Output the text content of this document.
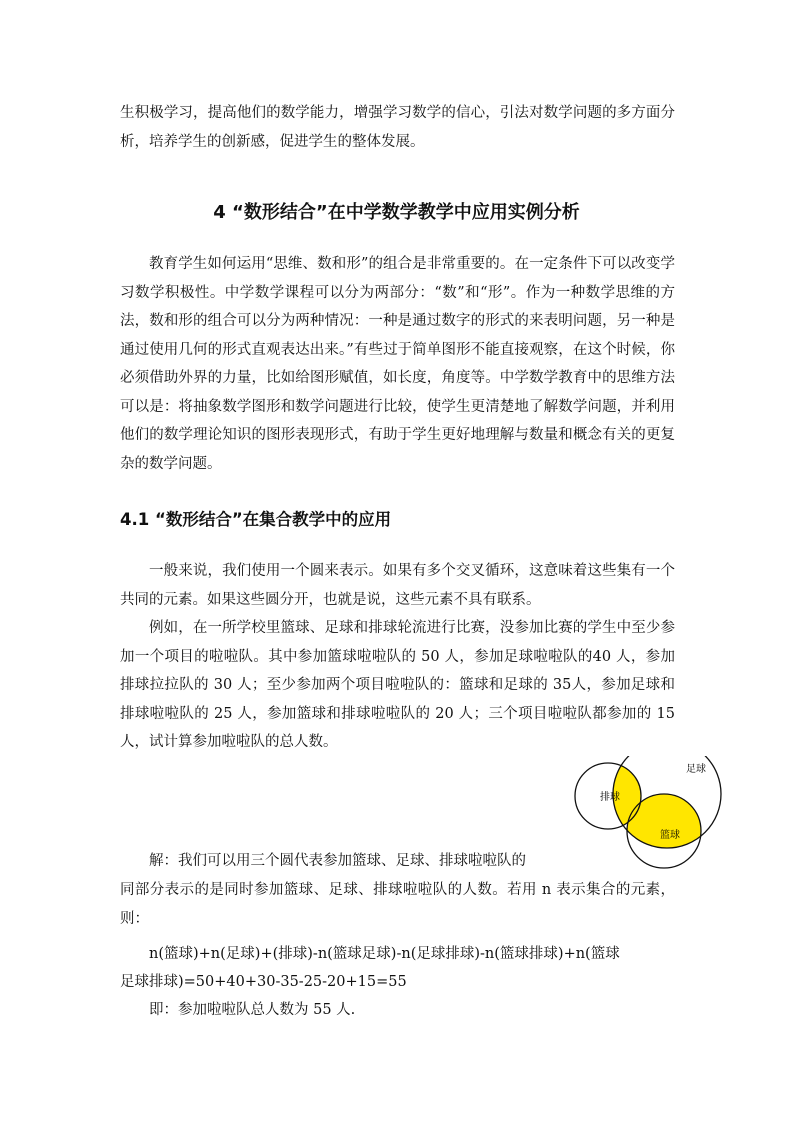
生积极学习，提高他们的数学能力，增强学习数学的信心，引法对数学问题的多方面分析，培养学生的创新感，促进学生的整体发展。

4 “数形结合”在中学数学教学中应用实例分析

教育学生如何运用“思维、数和形”的组合是非常重要的。在一定条件下可以改变学习数学积极性。中学数学课程可以分为两部分：“数”和“形”。作为一种数学思维的方法，数和形的组合可以分为两种情况：一种是通过数字的形式的来表明问题，另一种是通过使用几何的形式直观表达出来。”有些过于简单图形不能直接观察，在这个时候，你必须借助外界的力量，比如给图形赋值，如长度，角度等。中学数学教育中的思维方法可以是：将抽象数学图形和数学问题进行比较，使学生更清楚地了解数学问题，并利用他们的数学理论知识的图形表现形式，有助于学生更好地理解与数量和概念有关的更复杂的数学问题。

4.1 “数形结合”在集合教学中的应用

一般来说，我们使用一个圆来表示。如果有多个交叉循环，这意味着这些集有一个共同的元素。如果这些圆分开，也就是说，这些元素不具有联系。

例如，在一所学校里篮球、足球和排球轮流进行比赛，没参加比赛的学生中至少参加一个项目的啦啦队。其中参加篮球啦啦队的 50 人，参加足球啦啦队的40 人，参加排球拉拉队的 30 人；至少参加两个项目啦啦队的：篮球和足球的 35人，参加足球和排球啦啦队的 25 人，参加篮球和排球啦啦队的 20 人；三个项目啦啦队都参加的 15 人，试计算参加啦啦队的总人数。

足球
排球
篮球

解：我们可以用三个圆代表参加篮球、足球、排球啦啦队的

同部分表示的是同时参加篮球、足球、排球啦啦队的人数。若用 n 表示集合的元素，则：

n(篮球)+n(足球)+(排球)-n(篮球足球)-n(足球排球)-n(篮球排球)+n(篮球

足球排球)=50+40+30-35-25-20+15=55

即：参加啦啦队总人数为 55 人.
